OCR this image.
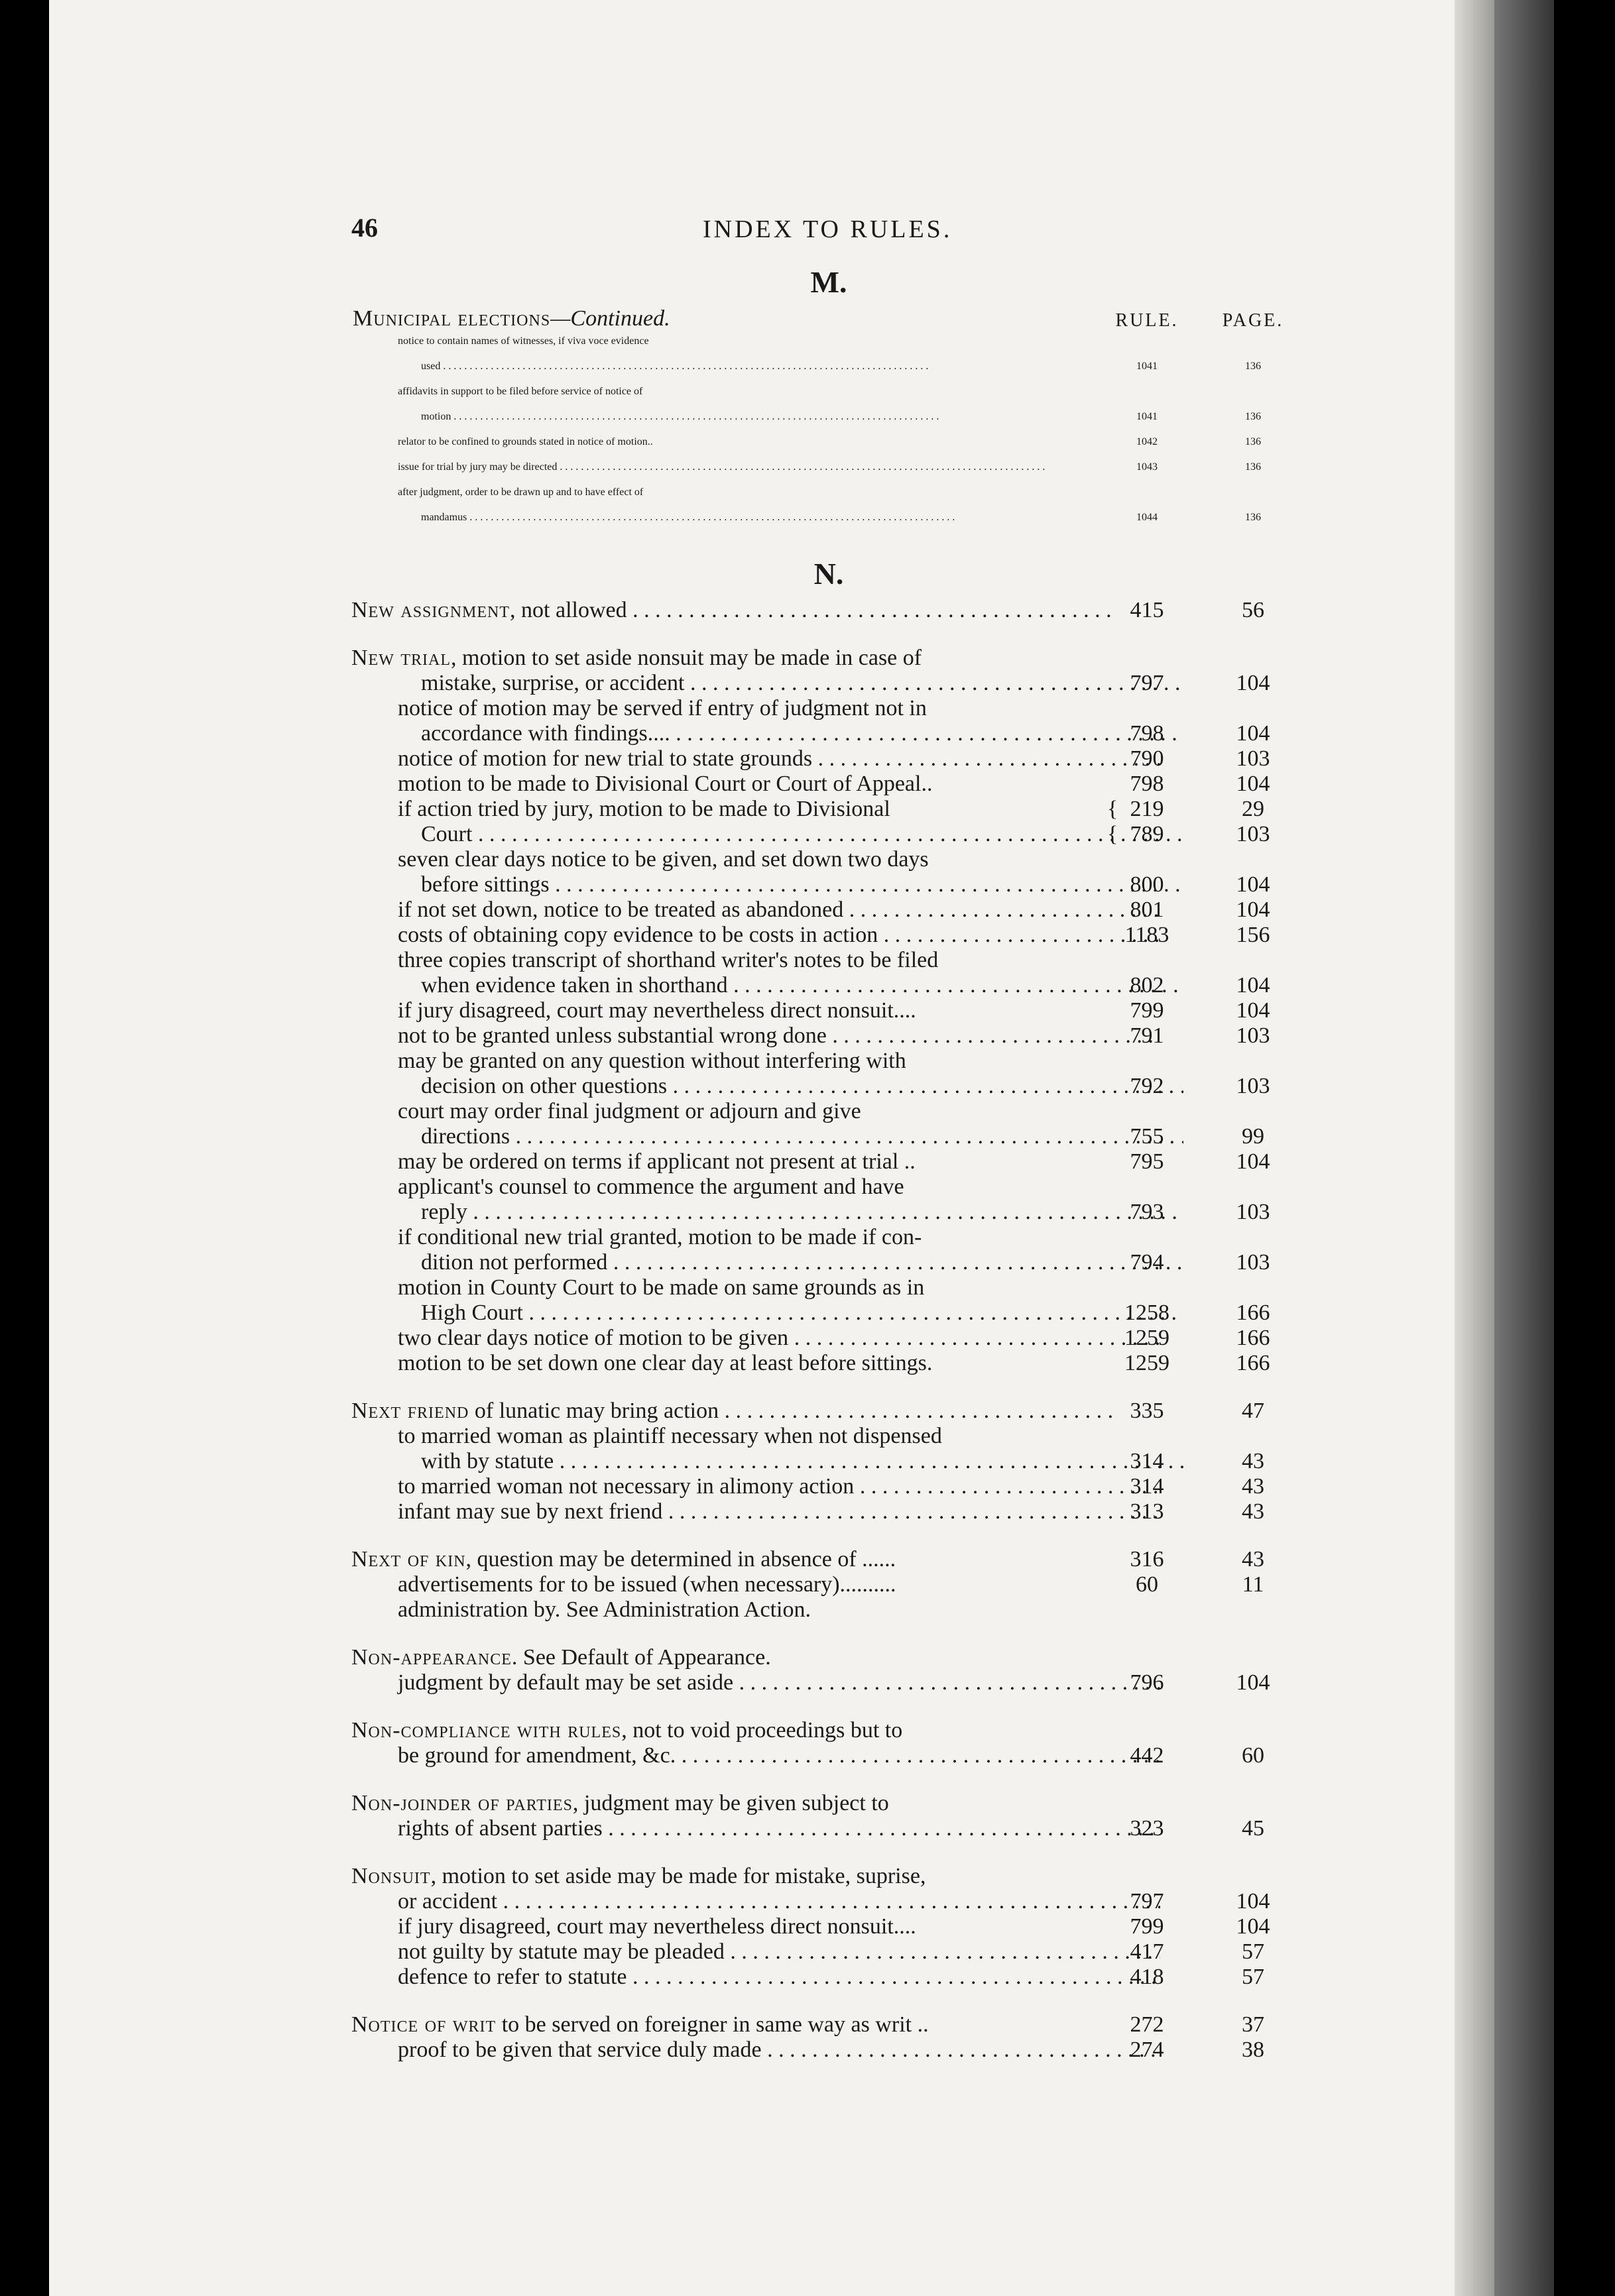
46	INDEX TO RULES.
M.
Municipal elections—Continued.	RULE.	PAGE.
notice to contain names of witnesses, if viva voce evidence
used . . .	1041	136
affidavits in support to be filed before service of notice of
motion . . .	1041	136
relator to be confined to grounds stated in notice of motion..	1042	136
issue for trial by jury may be directed . . .	1043	136
after judgment, order to be drawn up and to have effect of
mandamus . . .	1044	136
N.
New assignment, not allowed . . .	415	56
New trial, motion to set aside nonsuit may be made in case of
mistake, surprise, or accident . . .	797	104
notice of motion may be served if entry of judgment not in
accordance with findings.... . . .	798	104
notice of motion for new trial to state grounds . . . .	790	103
motion to be made to Divisional Court or Court of Appeal..	798	104
if action tried by jury, motion to be made to Divisional	{ 219	29
Court . . .	{ 789	103
seven clear days notice to be given, and set down two days
before sittings . . .	800	104
if not set down, notice to be treated as abandoned . . .	801	104
costs of obtaining copy evidence to be costs in action . . .	1183	156
three copies transcript of shorthand writer's notes to be filed
when evidence taken in shorthand . . .	802	104
if jury disagreed, court may nevertheless direct nonsuit....	799	104
not to be granted unless substantial wrong done . . .	791	103
may be granted on any question without interfering with
decision on other questions . . .	792	103
court may order final judgment or adjourn and give
directions . . .	755	99
may be ordered on terms if applicant not present at trial ..	795	104
applicant's counsel to commence the argument and have
reply . . .	793	103
if conditional new trial granted, motion to be made if con-
dition not performed . . .	794	103
motion in County Court to be made on same grounds as in
High Court . . .	1258	166
two clear days notice of motion to be given . . .	1259	166
motion to be set down one clear day at least before sittings.	1259	166
Next friend of lunatic may bring action . . .	335	47
to married woman as plaintiff necessary when not dispensed
with by statute . . .	314	43
to married woman not necessary in alimony action . . .	314	43
infant may sue by next friend . . .	313	43
Next of kin, question may be determined in absence of ......	316	43
advertisements for to be issued (when necessary)..........	60	11
administration by. See Administration Action.
Non-appearance. See Default of Appearance.
judgment by default may be set aside . . .	796	104
Non-compliance with rules, not to void proceedings but to
be ground for amendment, &c. . . .	442	60
Non-joinder of parties, judgment may be given subject to
rights of absent parties . . .	323	45
Nonsuit, motion to set aside may be made for mistake, suprise,
or accident . . .	797	104
if jury disagreed, court may nevertheless direct nonsuit....	799	104
not guilty by statute may be pleaded . . .	417	57
defence to refer to statute . . .	418	57
Notice of writ to be served on foreigner in same way as writ ..	272	37
proof to be given that service duly made . . .	274	38
